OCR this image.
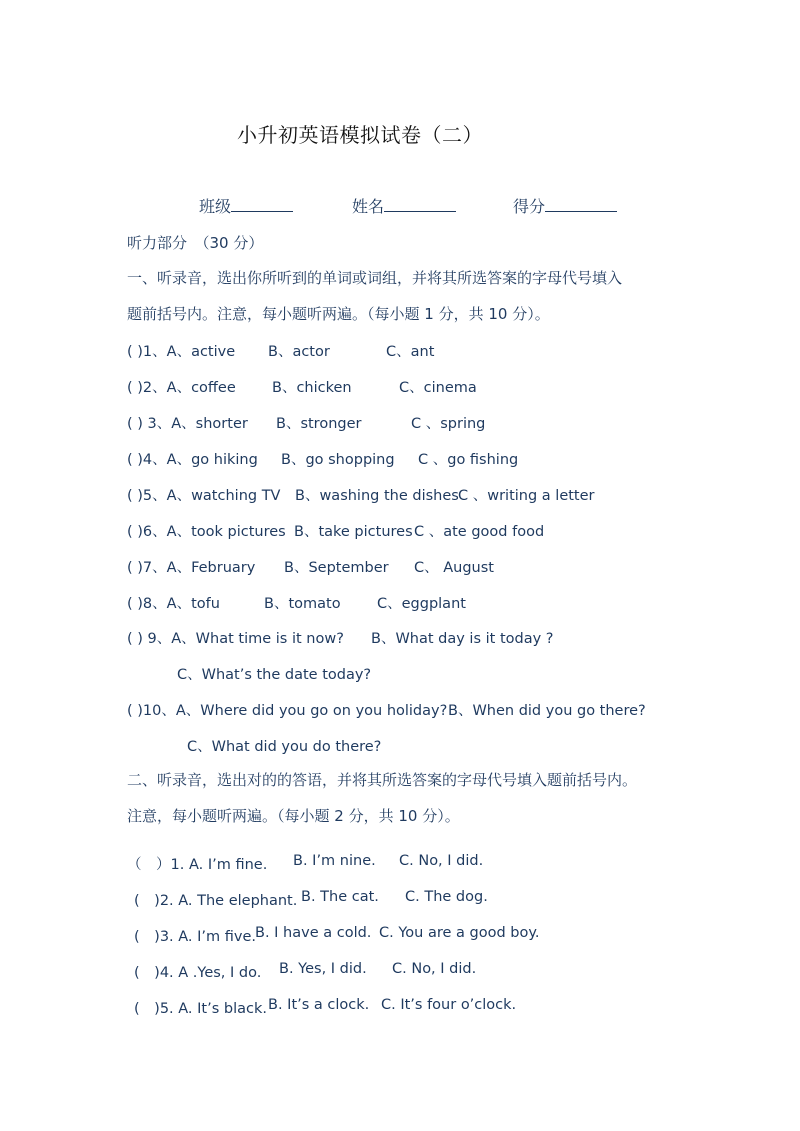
小升初英语模拟试卷（二）
班级	姓名	得分
听力部分　（30 分）
一、听录音，选出你所听到的单词或词组，并将其所选答案的字母代号填入
题前括号内。注意，每小题听两遍。（每小题 1 分，共 10 分）。
( )1、A、active B、actor	C、ant
( )2、A、coffee	B、chicken	C、cinema
( ) 3、A、shorter B、stronger	C 、spring
( )4、A、go hiking B、go shopping C 、go fishing
( )5、A、watching TV B、washing the dishes C 、writing a letter
( )6、A、took pictures B、take pictures C 、ate good food
( )7、A、February B、September C、 August
( )8、A、tofu	B、tomato	C、eggplant
( ) 9、A、What time is it now? B、What day is it today ?
C、What’s the date today?
( )10、A、Where did you go on you holiday? B、When did you go there?
C、What did you do there?
二、听录音，选出对的的答语，并将其所选答案的字母代号填入题前括号内。
注意，每小题听两遍。（每小题 2 分，共 10 分）。
（　）1. A. I’m fine. B. I’m nine. C. No, I did.
(　)2. A. The elephant. B. The cat. C. The dog.
(　)3. A. I’m five.
B. I have a cold. C. You are a good boy.
(　)4. A .Yes, I do. B. Yes, I did. C. No, I did.
(　)5. A. It’s black. B. It’s a clock. C. It’s four o’clock.
